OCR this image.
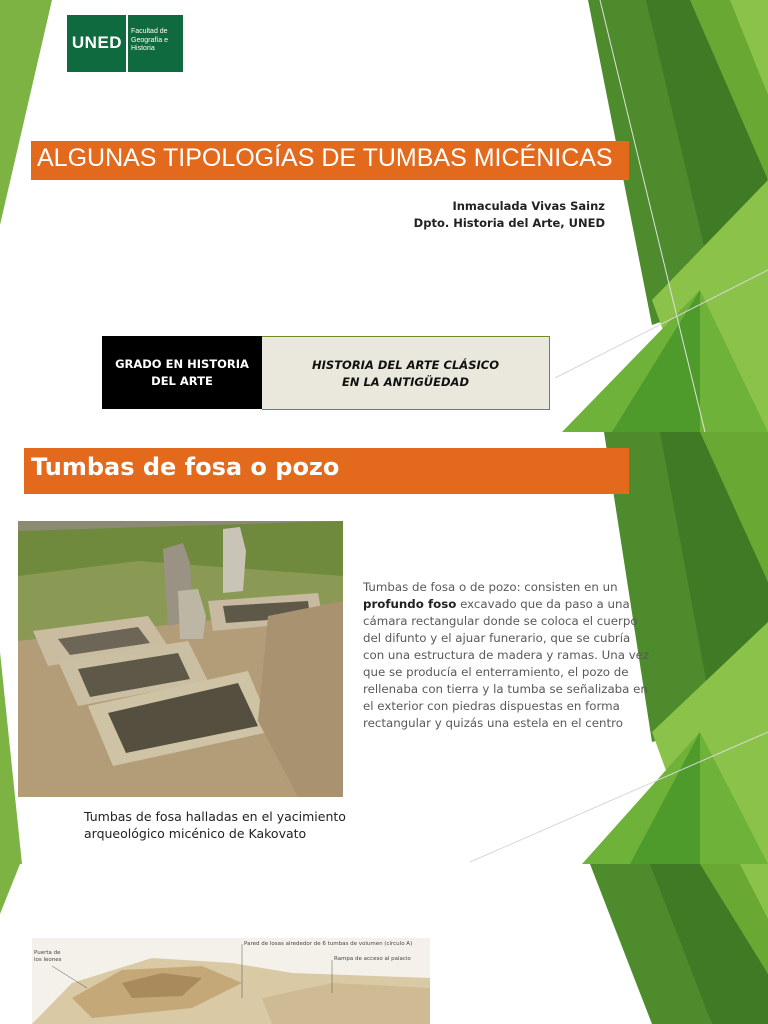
UNED
Facultad de Geografía e Historia
ALGUNAS TIPOLOGÍAS DE TUMBAS MICÉNICAS
Inmaculada Vivas Sainz
Dpto. Historia del Arte, UNED
GRADO EN HISTORIA
DEL ARTE
HISTORIA DEL ARTE CLÁSICO
EN LA ANTIGÜEDAD
Tumbas de fosa o pozo
Tumbas de fosa halladas en el yacimiento arqueológico micénico de Kakovato
Tumbas de fosa o de pozo: consisten en un
profundo foso excavado que da paso a una
cámara rectangular donde se coloca el cuerpo
del difunto y el ajuar funerario, que se cubría
con una estructura de madera y ramas. Una vez
que se producía el enterramiento, el pozo de
rellenaba con tierra y la tumba se señalizaba en
el exterior con piedras dispuestas en forma
rectangular y quizás una estela en el centro
Puerta de los leones
Pared de losas alrededor de 6 tumbas de volumen (círculo A)
Rampa de acceso al palacio
